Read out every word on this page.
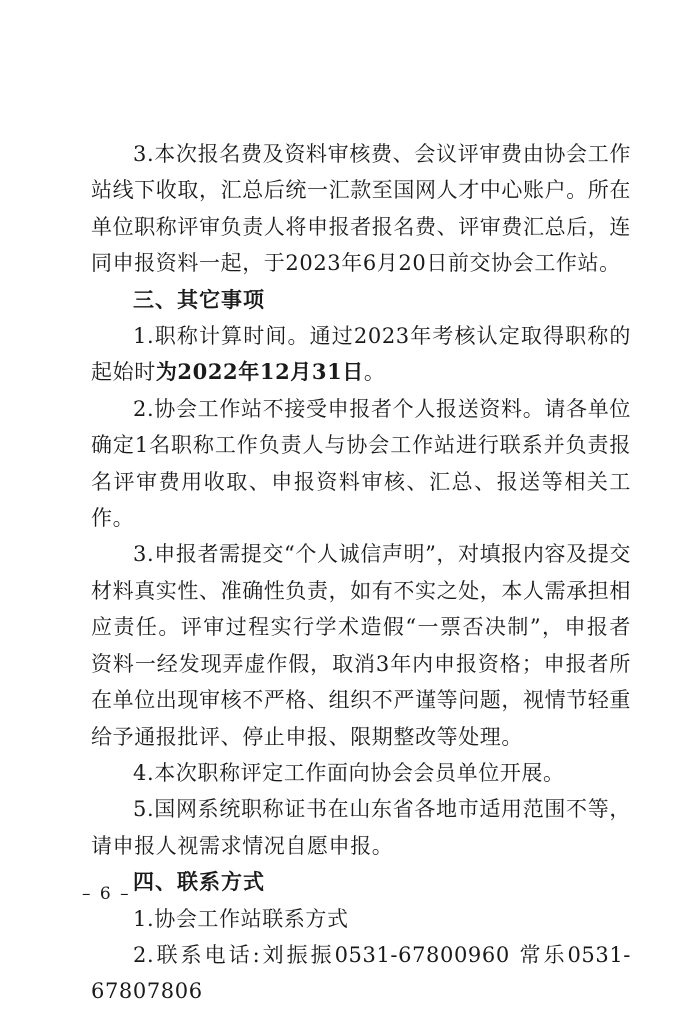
3.本次报名费及资料审核费、会议评审费由协会工作站线下收取，汇总后统一汇款至国网人才中心账户。所在单位职称评审负责人将申报者报名费、评审费汇总后，连同申报资料一起，于2023年6月20日前交协会工作站。

三、其它事项

1.职称计算时间。通过2023年考核认定取得职称的起始时为2022年12月31日。

2.协会工作站不接受申报者个人报送资料。请各单位确定1名职称工作负责人与协会工作站进行联系并负责报名评审费用收取、申报资料审核、汇总、报送等相关工作。

3.申报者需提交“个人诚信声明”，对填报内容及提交材料真实性、准确性负责，如有不实之处，本人需承担相应责任。评审过程实行学术造假“一票否决制”，申报者资料一经发现弄虚作假，取消3年内申报资格；申报者所在单位出现审核不严格、组织不严谨等问题，视情节轻重给予通报批评、停止申报、限期整改等处理。

4.本次职称评定工作面向协会会员单位开展。

5.国网系统职称证书在山东省各地市适用范围不等，请申报人视需求情况自愿申报。

四、联系方式

1.协会工作站联系方式

2.联系电话:刘振振0531-67800960 常乐0531-67807806

– 6 –
